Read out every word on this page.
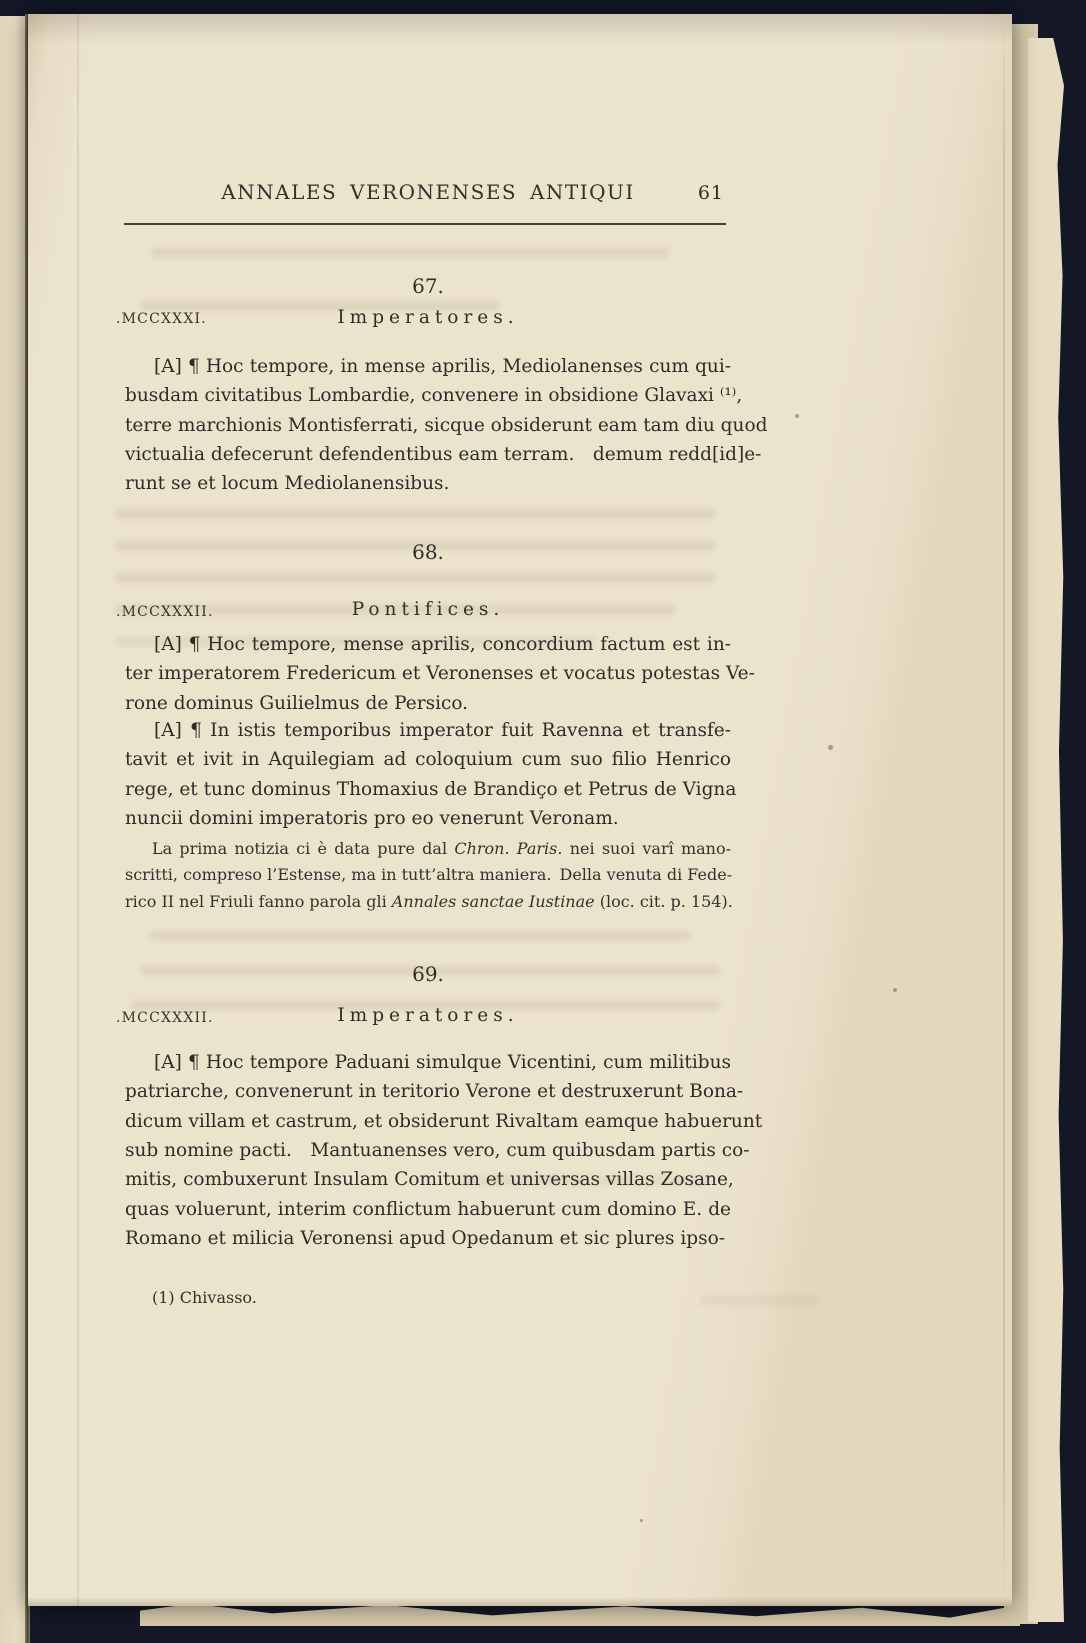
ANNALES VERONENSES ANTIQUI	61
67.
.MCCXXXI.	Imperatores.
[A] ¶ Hoc tempore, in mense aprilis, Mediolanenses cum qui-
busdam civitatibus Lombardie, convenere in obsidione Glavaxi ⁽¹⁾,
terre marchionis Montisferrati, sicque obsiderunt eam tam diu quod
victualia defecerunt defendentibus eam terram.  demum redd[id]e-
runt se et locum Mediolanensibus.
68.
.MCCXXXII.	Pontifices.
[A] ¶ Hoc tempore, mense aprilis, concordium factum est in-
ter imperatorem Fredericum et Veronenses et vocatus potestas Ve-
rone dominus Guilielmus de Persico.
[A] ¶ In istis temporibus imperator fuit Ravenna et transfe-
tavit et ivit in Aquilegiam ad coloquium cum suo filio Henrico
rege, et tunc dominus Thomaxius de Brandiço et Petrus de Vigna
nuncii domini imperatoris pro eo venerunt Veronam.
La prima notizia ci è data pure dal Chron. Paris. nei suoi varî mano-
scritti, compreso l’Estense, ma in tutt’altra maniera. Della venuta di Fede-
rico II nel Friuli fanno parola gli Annales sanctae Iustinae (loc. cit. p. 154).
69.
.MCCXXXII.	Imperatores.
[A] ¶ Hoc tempore Paduani simulque Vicentini, cum militibus
patriarche, convenerunt in teritorio Verone et destruxerunt Bona-
dicum villam et castrum, et obsiderunt Rivaltam eamque habuerunt
sub nomine pacti.  Mantuanenses vero, cum quibusdam partis co-
mitis, combuxerunt Insulam Comitum et universas villas Zosane,
quas voluerunt, interim conflictum habuerunt cum domino E. de
Romano et milicia Veronensi apud Opedanum et sic plures ipso-
(1) Chivasso.
